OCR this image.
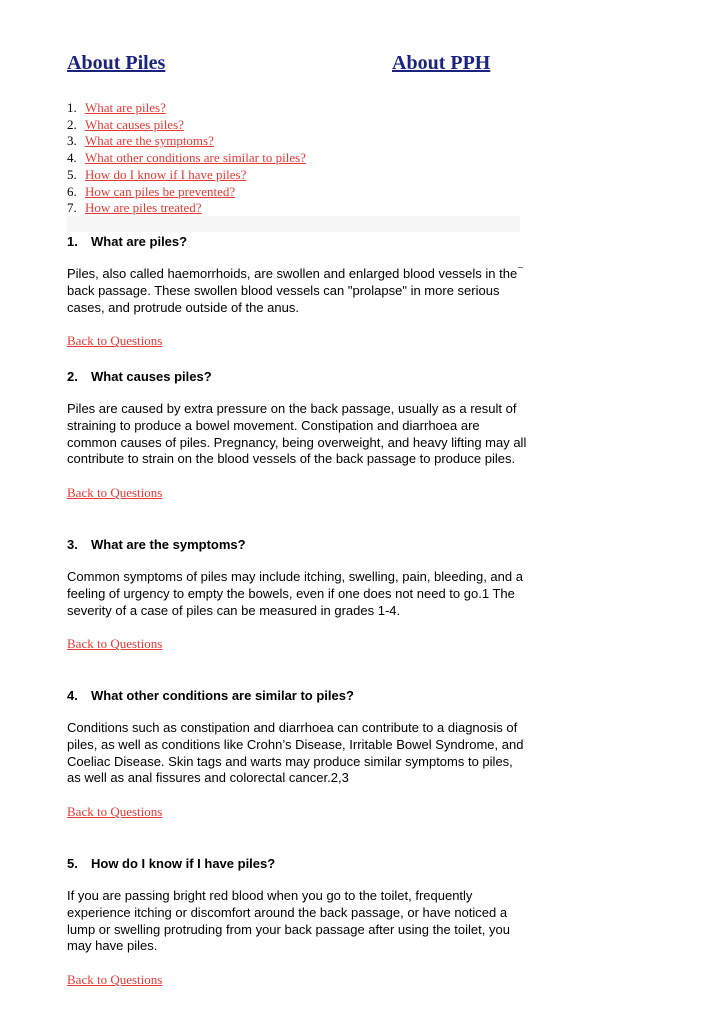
About Piles	About PPH
1. What are piles?
2. What causes piles?
3. What are the symptoms?
4. What other conditions are similar to piles?
5. How do I know if I have piles?
6. How can piles be prevented?
7. How are piles treated?
1. What are piles?

Piles, also called haemorrhoids, are swollen and enlarged blood vessels in the back passage. These swollen blood vessels can "prolapse" in more serious cases, and protrude outside of the anus.

Back to Questions
2. What causes piles?

Piles are caused by extra pressure on the back passage, usually as a result of straining to produce a bowel movement. Constipation and diarrhoea are common causes of piles. Pregnancy, being overweight, and heavy lifting may all contribute to strain on the blood vessels of the back passage to produce piles.

Back to Questions
3. What are the symptoms?

Common symptoms of piles may include itching, swelling, pain, bleeding, and a feeling of urgency to empty the bowels, even if one does not need to go.1 The severity of a case of piles can be measured in grades 1-4.

Back to Questions
4. What other conditions are similar to piles?

Conditions such as constipation and diarrhoea can contribute to a diagnosis of piles, as well as conditions like Crohn’s Disease, Irritable Bowel Syndrome, and Coeliac Disease. Skin tags and warts may produce similar symptoms to piles, as well as anal fissures and colorectal cancer.2,3

Back to Questions
5. How do I know if I have piles?

If you are passing bright red blood when you go to the toilet, frequently experience itching or discomfort around the back passage, or have noticed a lump or swelling protruding from your back passage after using the toilet, you may have piles.

Back to Questions
